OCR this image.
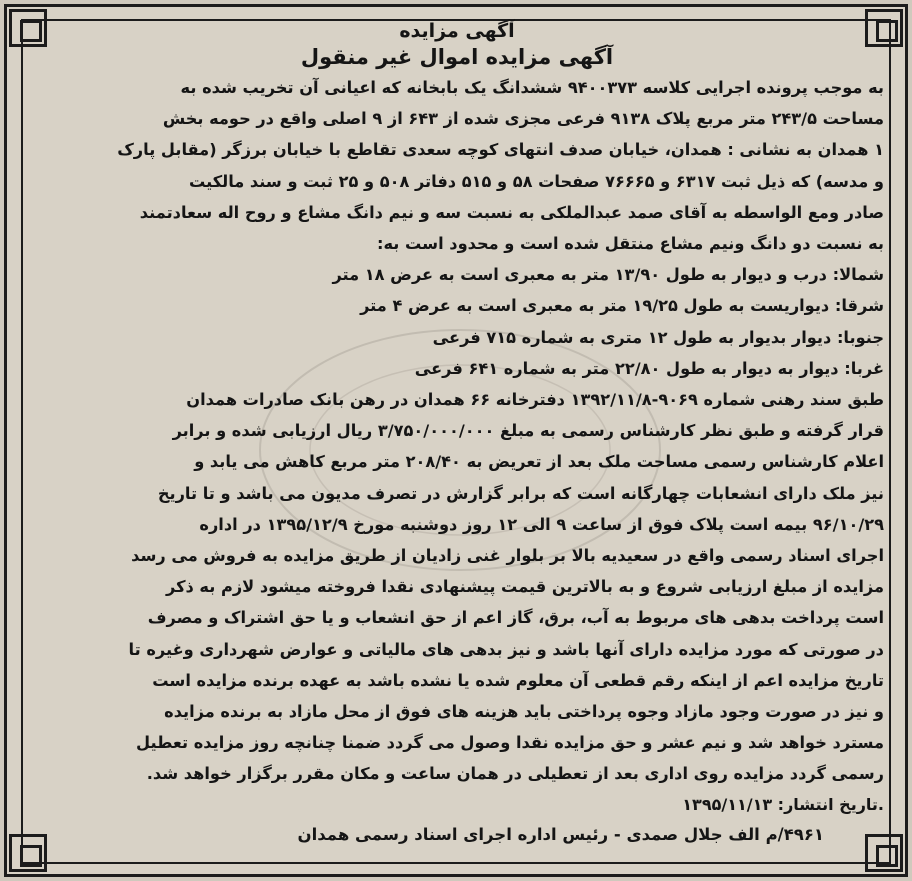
آگهی مزایده
آگهی مزایده اموال غیر منقول
به موجب پرونده اجرایی کلاسه ۹۴۰۰۳۷۳ ششدانگ یک بابخانه که اعیانی آن تخریب شده به
مساحت ۲۴۳/۵ متر مربع پلاک ۹۱۳۸ فرعی مجزی شده از ۶۴۳ از ۹ اصلی واقع در حومه بخش
۱ همدان به نشانی : همدان، خیابان صدف انتهای کوچه سعدی تقاطع با خیابان برزگر (مقابل پارک
و مدسه) که ذیل ثبت ۶۳۱۷ و ۷۶۶۶۵ صفحات ۵۸ و ۵۱۵ دفاتر ۵۰۸ و ۲۵ ثبت و سند مالکیت
صادر ومع الواسطه به آقای صمد عبدالملکی به نسبت سه و نیم دانگ مشاع و روح اله سعادتمند
به نسبت دو دانگ ونیم مشاع منتقل شده است و محدود است به:
شمالا: درب و دیوار به طول ۱۳/۹۰ متر به معبری است به عرض ۱۸ متر
شرقا: دیواریست به طول ۱۹/۲۵ متر به معبری است به عرض ۴ متر
جنوبا: دیوار بدیوار به طول ۱۲ متری به شماره ۷۱۵ فرعی
غربا: دیوار به دیوار به طول ۲۲/۸۰ متر به شماره ۶۴۱ فرعی
طبق سند رهنی شماره ۹۰۶۹-۱۳۹۲/۱۱/۸ دفترخانه ۶۶ همدان در رهن بانک صادرات همدان
قرار گرفته و طبق نظر کارشناس رسمی به مبلغ ۳/۷۵۰/۰۰۰/۰۰۰ ریال ارزیابی شده و برابر
اعلام کارشناس رسمی مساحت ملک بعد از تعریض به ۲۰۸/۴۰ متر مربع کاهش می یابد و
نیز ملک دارای انشعابات چهارگانه است که برابر گزارش در تصرف مدیون می باشد و تا تاریخ
۹۶/۱۰/۲۹ بیمه است پلاک فوق از ساعت ۹ الی ۱۲ روز دوشنبه مورخ ۱۳۹۵/۱۲/۹ در اداره
اجرای اسناد رسمی واقع در سعیدیه بالا بر بلوار غنی زادیان از طریق مزایده به فروش می رسد
مزایده از مبلغ ارزیابی شروع و به بالاترین قیمت پیشنهادی نقدا فروخته میشود لازم به ذکر
است پرداخت بدهی های مربوط به آب، برق، گاز اعم از حق انشعاب و یا حق اشتراک و مصرف
در صورتی که مورد مزایده دارای آنها باشد و نیز بدهی های مالیاتی و عوارض شهرداری وغیره تا
تاریخ مزایده اعم از اینکه رقم قطعی آن معلوم شده یا نشده باشد به عهده برنده مزایده است
و نیز در صورت وجود مازاد وجوه پرداختی باید هزینه های فوق از محل مازاد به برنده مزایده
مسترد خواهد شد و نیم عشر و حق مزایده نقدا وصول می گردد ضمنا چنانچه روز مزایده تعطیل
رسمی گردد مزایده روی اداری بعد از تعطیلی در همان ساعت و مکان مقرر برگزار خواهد شد.
.تاریخ انتشار: ۱۳۹۵/۱۱/۱۳
۴۹۶۱/م الف جلال صمدی - رئیس اداره اجرای اسناد رسمی همدان
